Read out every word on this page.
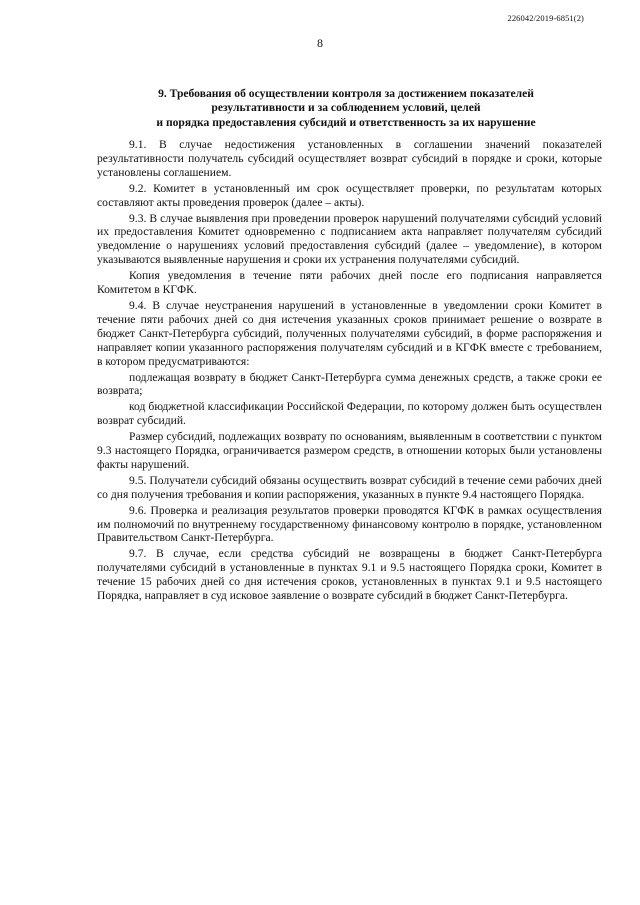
226042/2019-6851(2)
8
9. Требования об осуществлении контроля за достижением показателей
результативности и за соблюдением условий, целей
и порядка предоставления субсидий и ответственность за их нарушение

9.1. В случае недостижения установленных в соглашении значений показателей результативности получатель субсидий осуществляет возврат субсидий в порядке и сроки, которые установлены соглашением.

9.2. Комитет в установленный им срок осуществляет проверки, по результатам которых составляют акты проведения проверок (далее – акты).

9.3. В случае выявления при проведении проверок нарушений получателями субсидий условий их предоставления Комитет одновременно с подписанием акта направляет получателям субсидий уведомление о нарушениях условий предоставления субсидий (далее – уведомление), в котором указываются выявленные нарушения и сроки их устранения получателями субсидий.

Копия уведомления в течение пяти рабочих дней после его подписания направляется Комитетом в КГФК.

9.4. В случае неустранения нарушений в установленные в уведомлении сроки Комитет в течение пяти рабочих дней со дня истечения указанных сроков принимает решение о возврате в бюджет Санкт-Петербурга субсидий, полученных получателями субсидий, в форме распоряжения и направляет копии указанного распоряжения получателям субсидий и в КГФК вместе с требованием, в котором предусматриваются:

подлежащая возврату в бюджет Санкт-Петербурга сумма денежных средств, а также сроки ее возврата;

код бюджетной классификации Российской Федерации, по которому должен быть осуществлен возврат субсидий.

Размер субсидий, подлежащих возврату по основаниям, выявленным в соответствии с пунктом 9.3 настоящего Порядка, ограничивается размером средств, в отношении которых были установлены факты нарушений.

9.5. Получатели субсидий обязаны осуществить возврат субсидий в течение семи рабочих дней со дня получения требования и копии распоряжения, указанных в пункте 9.4 настоящего Порядка.

9.6. Проверка и реализация результатов проверки проводятся КГФК в рамках осуществления им полномочий по внутреннему государственному финансовому контролю в порядке, установленном Правительством Санкт-Петербурга.

9.7. В случае, если средства субсидий не возвращены в бюджет Санкт-Петербурга получателями субсидий в установленные в пунктах 9.1 и 9.5 настоящего Порядка сроки, Комитет в течение 15 рабочих дней со дня истечения сроков, установленных в пунктах 9.1 и 9.5 настоящего Порядка, направляет в суд исковое заявление о возврате субсидий в бюджет Санкт-Петербурга.
